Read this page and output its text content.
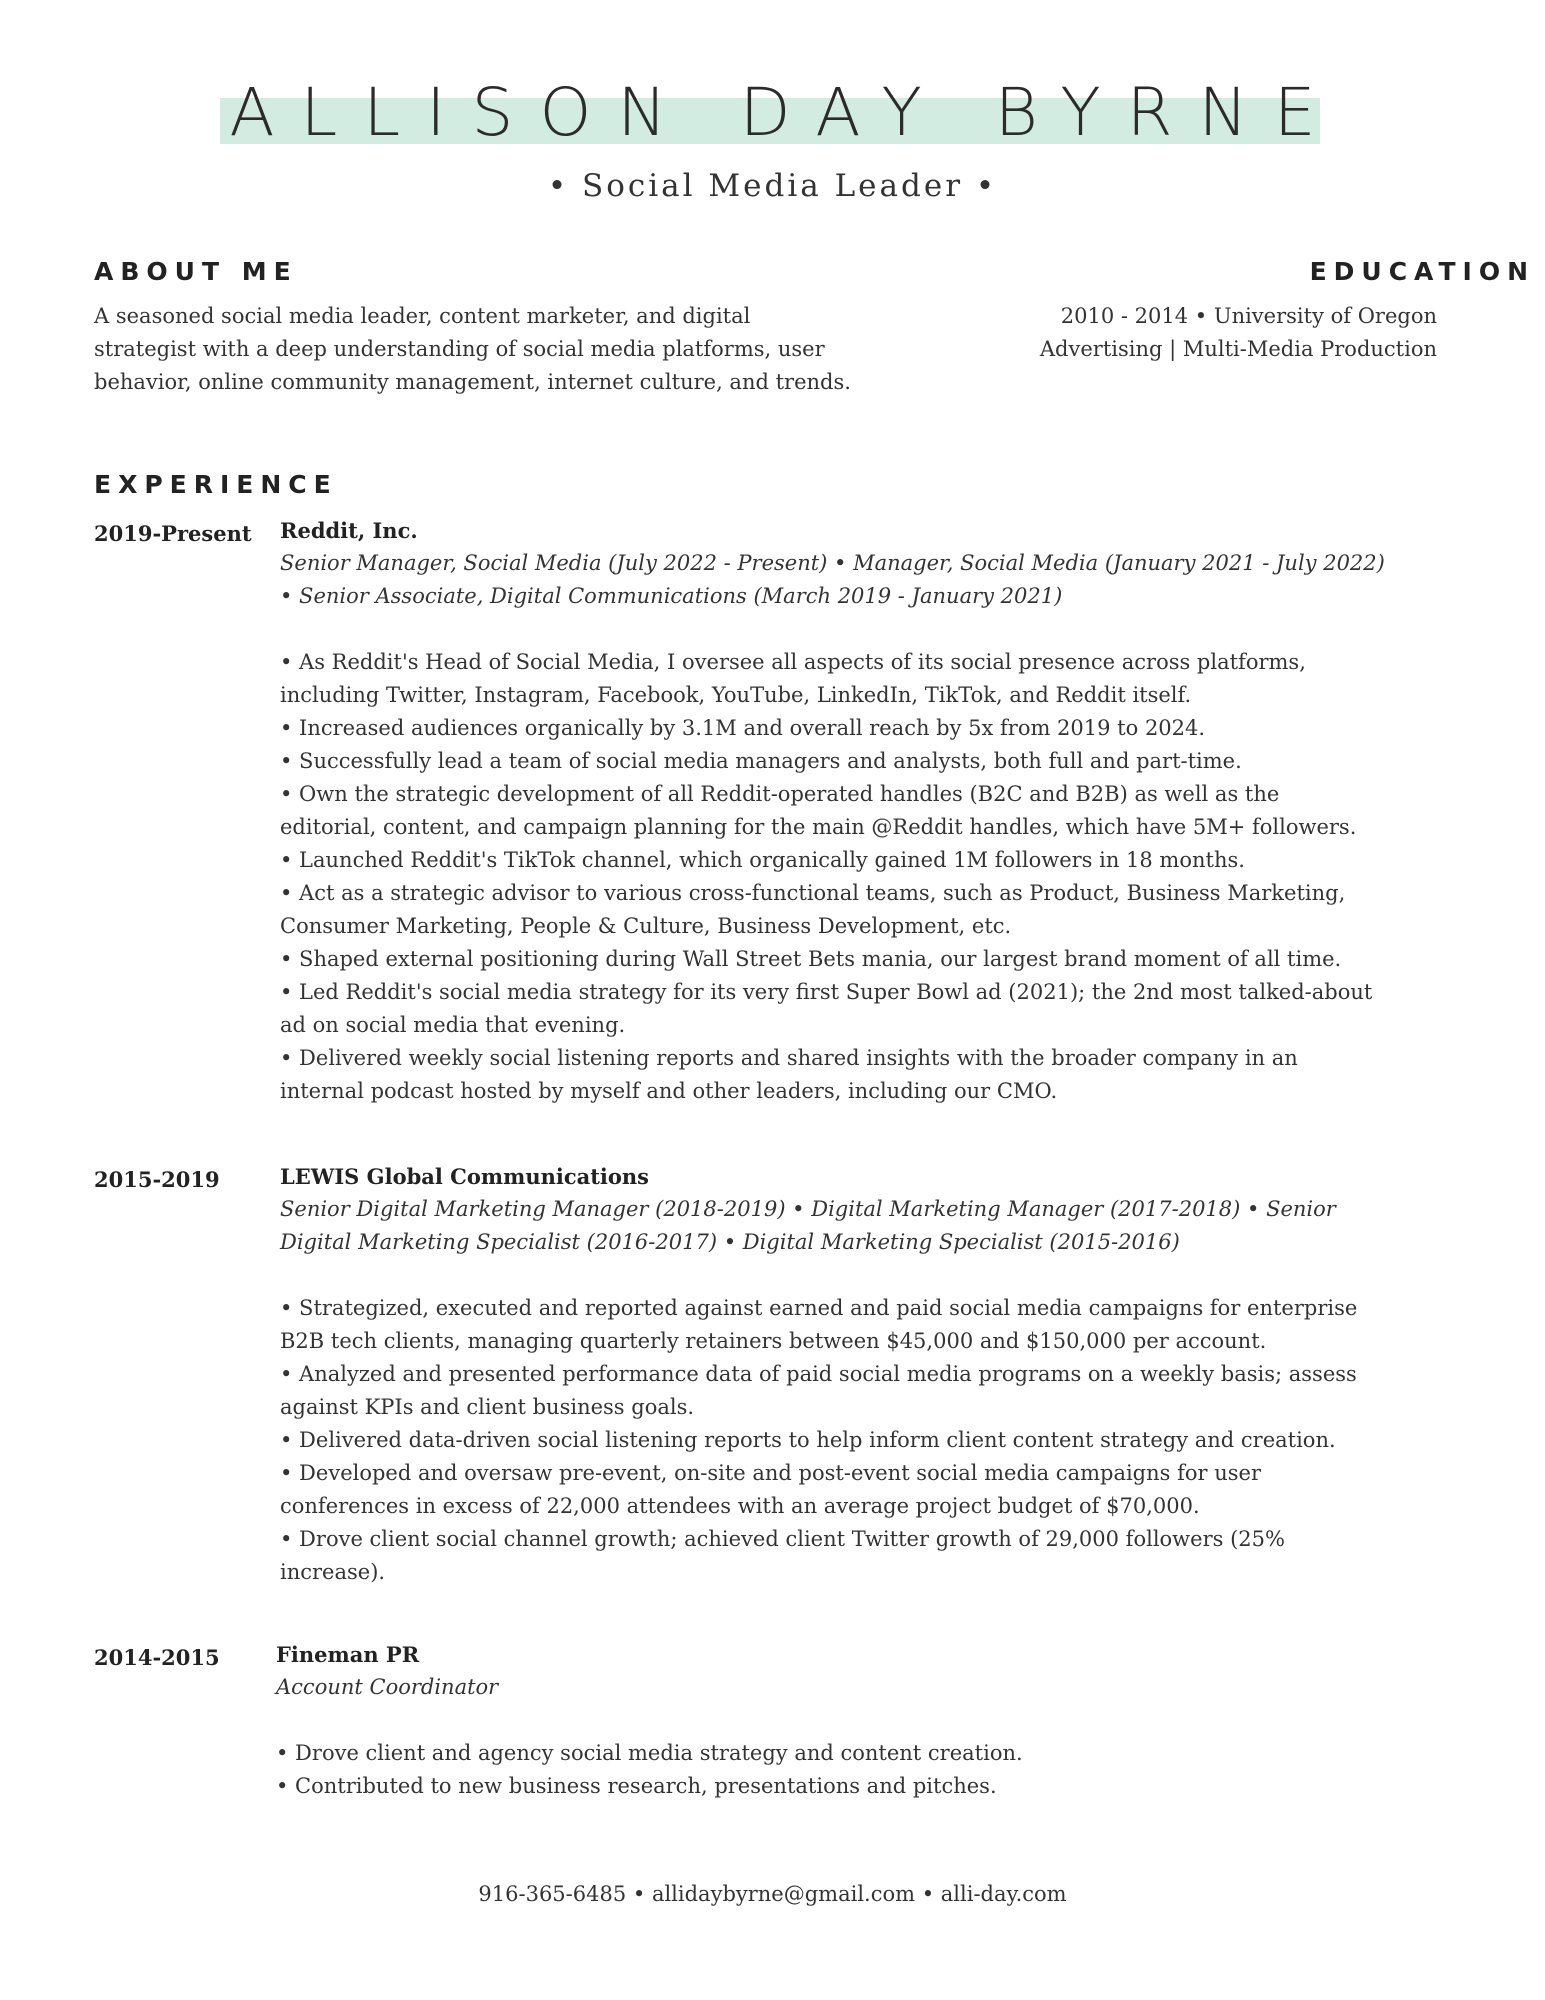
ALLISON DAY BYRNE
• Social Media Leader •
ABOUT ME
A seasoned social media leader, content marketer, and digital
strategist with a deep understanding of social media platforms, user
behavior, online community management, internet culture, and trends.
EDUCATION
2010 - 2014 • University of Oregon
Advertising | Multi-Media Production
EXPERIENCE
2019-Present Reddit, Inc.
Senior Manager, Social Media (July 2022 - Present) • Manager, Social Media (January 2021 - July 2022)
• Senior Associate, Digital Communications (March 2019 - January 2021)
• As Reddit's Head of Social Media, I oversee all aspects of its social presence across platforms,
including Twitter, Instagram, Facebook, YouTube, LinkedIn, TikTok, and Reddit itself.
• Increased audiences organically by 3.1M and overall reach by 5x from 2019 to 2024.
• Successfully lead a team of social media managers and analysts, both full and part-time.
• Own the strategic development of all Reddit-operated handles (B2C and B2B) as well as the
editorial, content, and campaign planning for the main @Reddit handles, which have 5M+ followers.
• Launched Reddit's TikTok channel, which organically gained 1M followers in 18 months.
• Act as a strategic advisor to various cross-functional teams, such as Product, Business Marketing,
Consumer Marketing, People & Culture, Business Development, etc.
• Shaped external positioning during Wall Street Bets mania, our largest brand moment of all time.
• Led Reddit's social media strategy for its very first Super Bowl ad (2021); the 2nd most talked-about
ad on social media that evening.
• Delivered weekly social listening reports and shared insights with the broader company in an
internal podcast hosted by myself and other leaders, including our CMO.
2015-2019	LEWIS Global Communications
Senior Digital Marketing Manager (2018-2019) • Digital Marketing Manager (2017-2018) • Senior
Digital Marketing Specialist (2016-2017) • Digital Marketing Specialist (2015-2016)
• Strategized, executed and reported against earned and paid social media campaigns for enterprise
B2B tech clients, managing quarterly retainers between $45,000 and $150,000 per account.
• Analyzed and presented performance data of paid social media programs on a weekly basis; assess
against KPIs and client business goals.
• Delivered data-driven social listening reports to help inform client content strategy and creation.
• Developed and oversaw pre-event, on-site and post-event social media campaigns for user
conferences in excess of 22,000 attendees with an average project budget of $70,000.
• Drove client social channel growth; achieved client Twitter growth of 29,000 followers (25%
increase).
2014-2015	Fineman PR
Account Coordinator
• Drove client and agency social media strategy and content creation.
• Contributed to new business research, presentations and pitches.
916-365-6485 • allidaybyrne@gmail.com • alli-day.com
